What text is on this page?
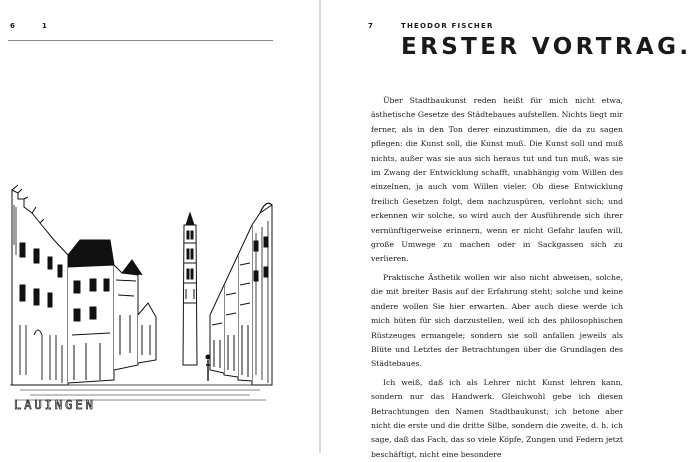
6	1
LAUINGEN
7	THEODOR FISCHER
ERSTER VORTRAG.

Über Stadtbaukunst reden heißt für mich nicht etwa, ästhetische Gesetze des Städtebaues aufstellen. Nichts liegt mir ferner, als in den Ton derer einzustimmen, die da zu sagen pflegen: die Kunst soll, die Kunst muß. Die Kunst soll und muß nichts, außer was sie aus sich heraus tut und tun muß, was sie im Zwang der Entwicklung schafft, unabhängig vom Willen des einzelnen, ja auch vom Willen vieler. Ob diese Entwicklung freilich Gesetzen folgt, dem nachzuspüren, verlohnt sich; und erkennen wir solche, so wird auch der Ausführende sich ihrer vernünftigerweise erinnern, wenn er nicht Gefahr laufen will, große Umwege zu machen oder in Sackgassen sich zu verlieren.

Praktische Ästhetik wollen wir also nicht abweisen, solche, die mit breiter Basis auf der Erfahrung steht; solche und keine andere wollen Sie hier erwarten. Aber auch diese werde ich mich hüten für sich darzustellen, weil ich des philosophischen Rüstzeuges ermangele; sondern sie soll anfallen jeweils als Blüte und Letztes der Betrachtungen über die Grundlagen des Städtebaues.

Ich weiß, daß ich als Lehrer nicht Kunst lehren kann, sondern nur das Handwerk. Gleichwohl gebe ich diesen Betrachtungen den Namen Stadtbaukunst; ich betone aber nicht die erste und die dritte Silbe, sondern die zweite, d. h. ich sage, daß das Fach, das so viele Köpfe, Zungen und Federn jetzt beschäftigt, nicht eine besondere
